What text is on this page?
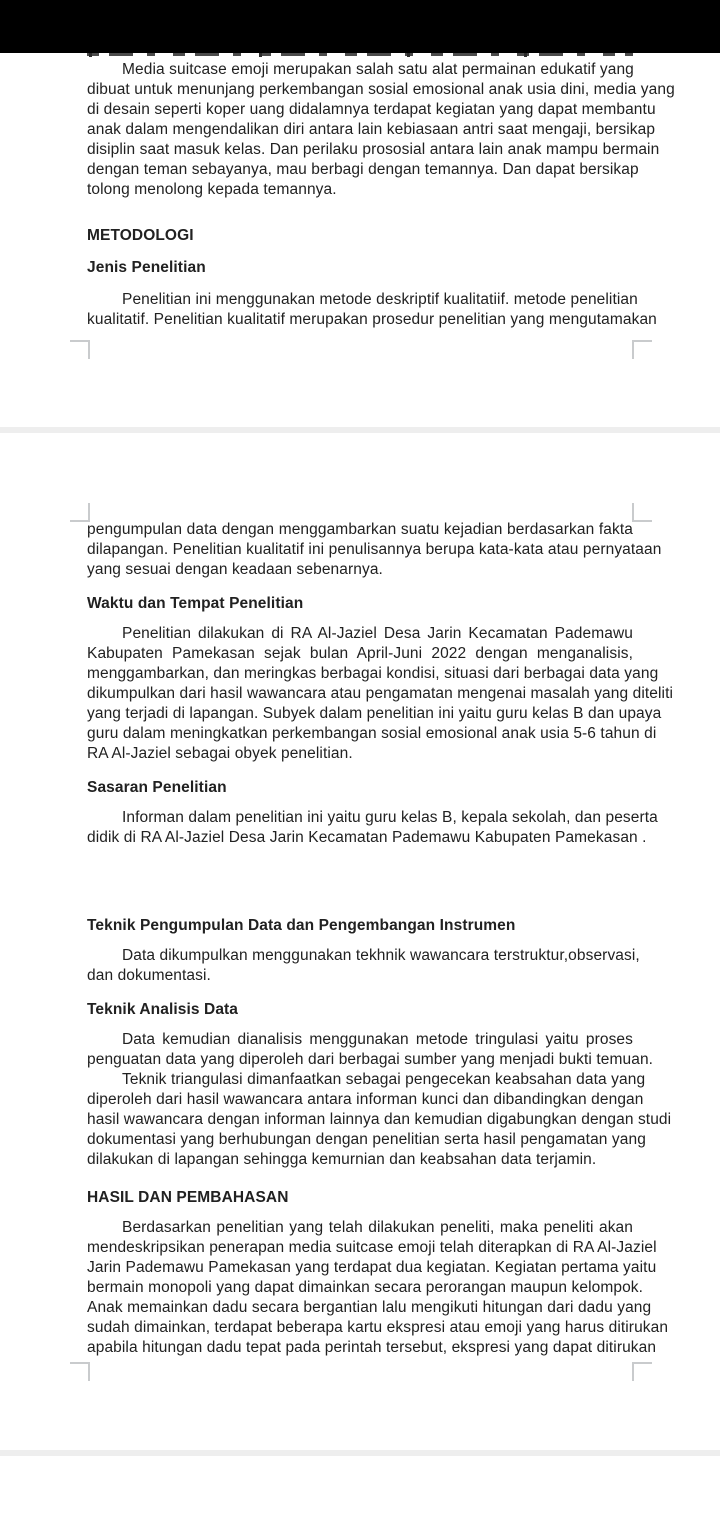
Media suitcase emoji merupakan salah satu alat permainan edukatif yang
dibuat untuk menunjang perkembangan sosial emosional anak usia dini, media yang
di desain seperti koper uang didalamnya terdapat kegiatan yang dapat membantu
anak dalam mengendalikan diri antara lain kebiasaan antri saat mengaji, bersikap
disiplin saat masuk kelas. Dan perilaku prososial antara lain anak mampu bermain
dengan teman sebayanya, mau berbagi dengan temannya. Dan dapat bersikap
tolong menolong kepada temannya.
METODOLOGI
Jenis Penelitian
Penelitian ini menggunakan metode deskriptif kualitatiif. metode penelitian
kualitatif. Penelitian kualitatif merupakan prosedur penelitian yang mengutamakan
pengumpulan data dengan menggambarkan suatu kejadian berdasarkan fakta
dilapangan. Penelitian kualitatif ini penulisannya berupa kata-kata atau pernyataan
yang sesuai dengan keadaan sebenarnya.
Waktu dan Tempat Penelitian
Penelitian dilakukan di RA Al-Jaziel Desa Jarin Kecamatan Pademawu
Kabupaten Pamekasan sejak bulan April-Juni 2022 dengan menganalisis,
menggambarkan, dan meringkas berbagai kondisi, situasi dari berbagai data yang
dikumpulkan dari hasil wawancara atau pengamatan mengenai masalah yang diteliti
yang terjadi di lapangan. Subyek dalam penelitian ini yaitu guru kelas B dan upaya
guru dalam meningkatkan perkembangan sosial emosional anak usia 5-6 tahun di
RA Al-Jaziel sebagai obyek penelitian.
Sasaran Penelitian
Informan dalam penelitian ini yaitu guru kelas B, kepala sekolah, dan peserta
didik di RA Al-Jaziel Desa Jarin Kecamatan Pademawu Kabupaten Pamekasan .
Teknik Pengumpulan Data dan Pengembangan Instrumen
Data dikumpulkan menggunakan tekhnik wawancara terstruktur,observasi,
dan dokumentasi.
Teknik Analisis Data
Data kemudian dianalisis menggunakan metode tringulasi yaitu proses
penguatan data yang diperoleh dari berbagai sumber yang menjadi bukti temuan.
Teknik triangulasi dimanfaatkan sebagai pengecekan keabsahan data yang
diperoleh dari hasil wawancara antara informan kunci dan dibandingkan dengan
hasil wawancara dengan informan lainnya dan kemudian digabungkan dengan studi
dokumentasi yang berhubungan dengan penelitian serta hasil pengamatan yang
dilakukan di lapangan sehingga kemurnian dan keabsahan data terjamin.
HASIL DAN PEMBAHASAN
Berdasarkan penelitian yang telah dilakukan peneliti, maka peneliti akan
mendeskripsikan penerapan media suitcase emoji telah diterapkan di RA Al-Jaziel
Jarin Pademawu Pamekasan yang terdapat dua kegiatan. Kegiatan pertama yaitu
bermain monopoli yang dapat dimainkan secara perorangan maupun kelompok.
Anak memainkan dadu secara bergantian lalu mengikuti hitungan dari dadu yang
sudah dimainkan, terdapat beberapa kartu ekspresi atau emoji yang harus ditirukan
apabila hitungan dadu tepat pada perintah tersebut, ekspresi yang dapat ditirukan
